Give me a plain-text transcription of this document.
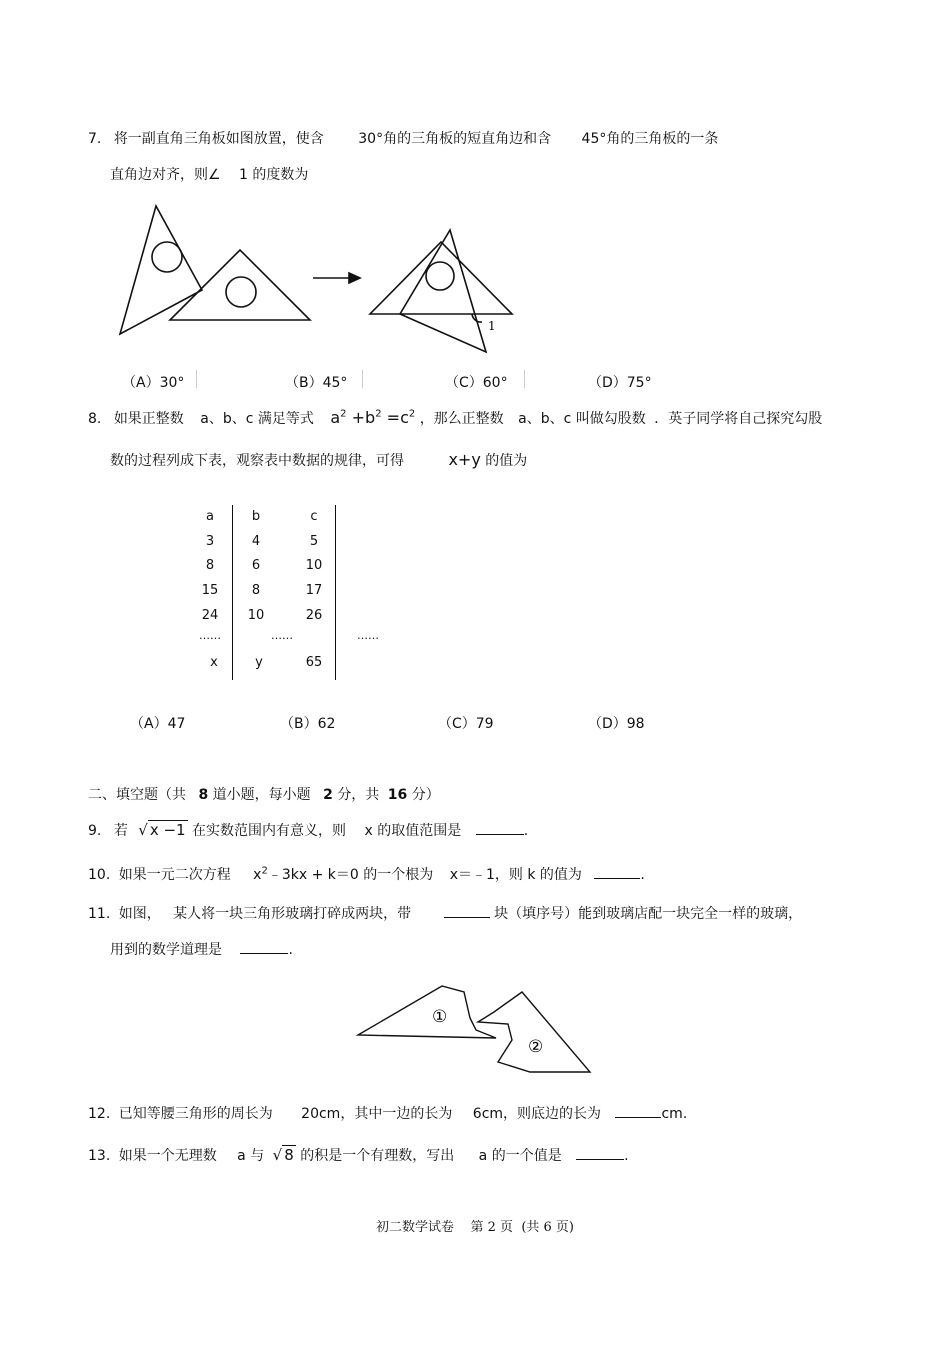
7. 将一副直角三角板如图放置，使含 30°角的三角板的短直角边和含 45°角的三角板的一条
直角边对齐，则∠ 1 的度数为
1
（A）30°	（B）45°	（C）60°	（D）75°
8. 如果正整数 a、b、c 满足等式 $a^2 +b^2 =c^2$ ，那么正整数 a、b、c 叫做勾股数 ．英子同学将自己探究勾股
数的过程列成下表，观察表中数据的规律，可得	x+y 的值为
a	b	c
3	4	5
8	6	10
15	8	17
24	10	26
……	……	……
x	y	65
（A）47	（B）62	（C）79	（D）98
二、填空题（共 8 道小题，每小题 2 分，共 16 分）
9. 若 √ x −1 在实数范围内有意义，则 x 的取值范围是	.
10. 如果一元二次方程 $x^2﹣3kx + k=0$ 的一个根为 x＝﹣1，则 k 的值为	.
11. 如图， 某人将一块三角形玻璃打碎成两块，带	块（填序号）能到玻璃店配一块完全一样的玻璃，
用到的数学道理是	.
①
②
12. 已知等腰三角形的周长为 20cm，其中一边的长为 6cm，则底边的长为	cm.
13. 如果一个无理数 a 与 √ 8 的积是一个有理数，写出 a 的一个值是	.
初二数学试卷    第 2 页  (共 6 页)
